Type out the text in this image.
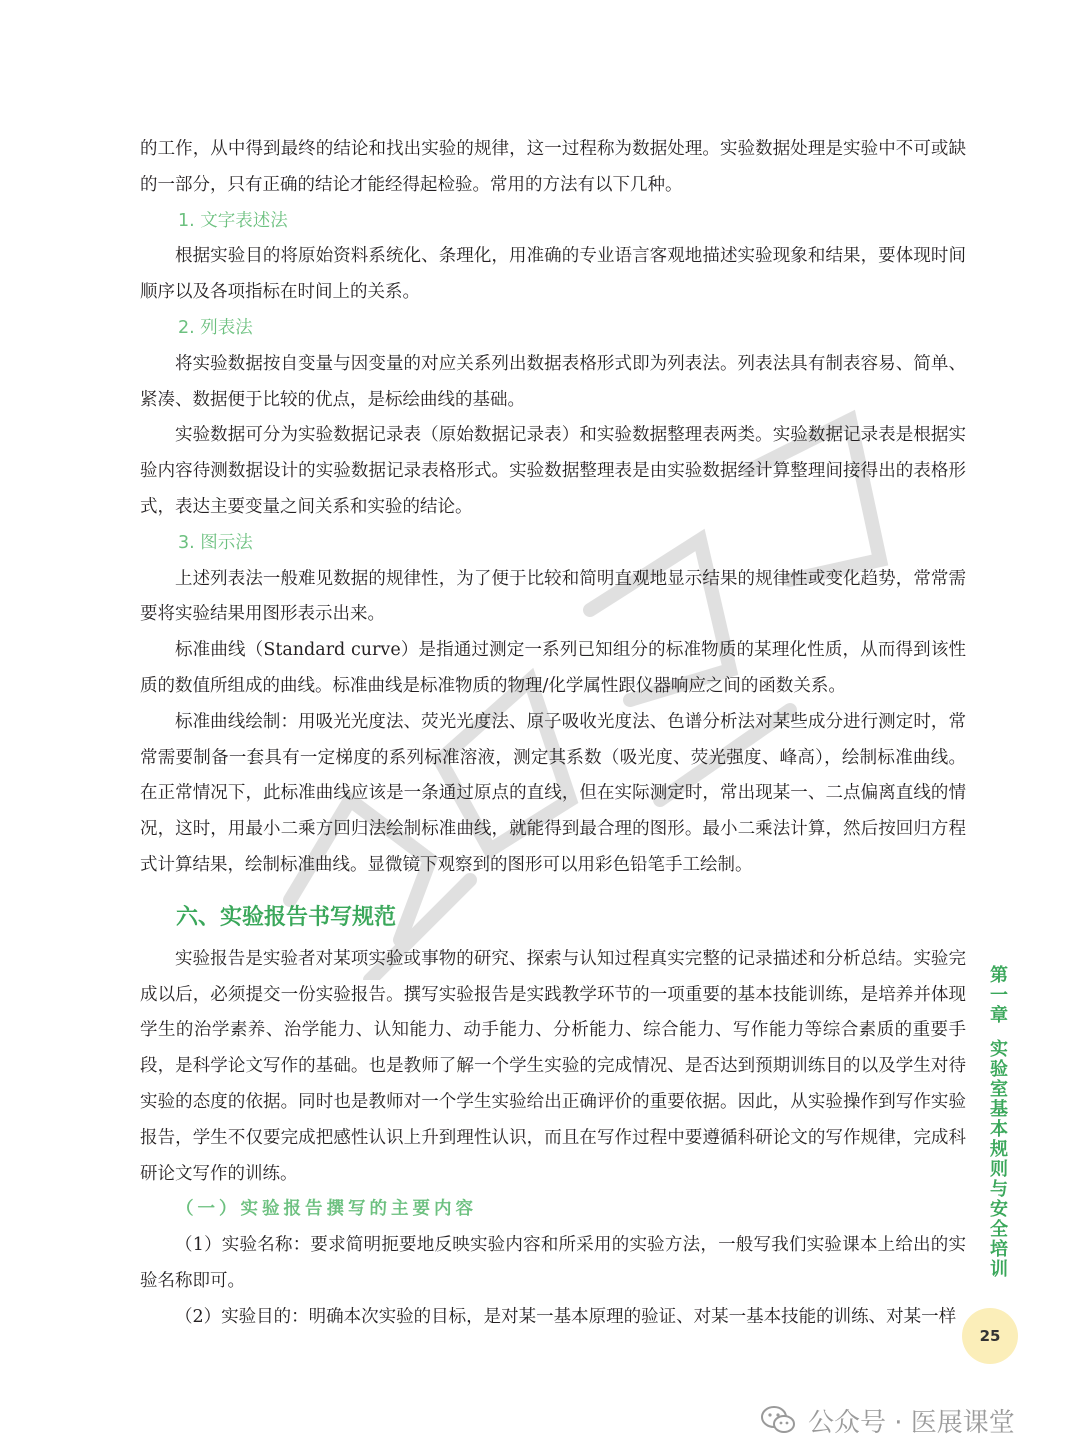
的工作，从中得到最终的结论和找出实验的规律，这一过程称为数据处理。实验数据处理是实验中不可或缺的一部分，只有正确的结论才能经得起检验。常用的方法有以下几种。

1. 文字表述法

根据实验目的将原始资料系统化、条理化，用准确的专业语言客观地描述实验现象和结果，要体现时间顺序以及各项指标在时间上的关系。

2. 列表法

将实验数据按自变量与因变量的对应关系列出数据表格形式即为列表法。列表法具有制表容易、简单、紧凑、数据便于比较的优点，是标绘曲线的基础。

实验数据可分为实验数据记录表（原始数据记录表）和实验数据整理表两类。实验数据记录表是根据实验内容待测数据设计的实验数据记录表格形式。实验数据整理表是由实验数据经计算整理间接得出的表格形式，表达主要变量之间关系和实验的结论。

3. 图示法

上述列表法一般难见数据的规律性，为了便于比较和简明直观地显示结果的规律性或变化趋势，常常需要将实验结果用图形表示出来。

标准曲线（Standard curve）是指通过测定一系列已知组分的标准物质的某理化性质，从而得到该性质的数值所组成的曲线。标准曲线是标准物质的物理/化学属性跟仪器响应之间的函数关系。

标准曲线绘制：用吸光光度法、荧光光度法、原子吸收光度法、色谱分析法对某些成分进行测定时，常常需要制备一套具有一定梯度的系列标准溶液，测定其系数（吸光度、荧光强度、峰高），绘制标准曲线。在正常情况下，此标准曲线应该是一条通过原点的直线，但在实际测定时，常出现某一、二点偏离直线的情况，这时，用最小二乘方回归法绘制标准曲线，就能得到最合理的图形。最小二乘法计算，然后按回归方程式计算结果，绘制标准曲线。显微镜下观察到的图形可以用彩色铅笔手工绘制。

六、实验报告书写规范

实验报告是实验者对某项实验或事物的研究、探索与认知过程真实完整的记录描述和分析总结。实验完成以后，必须提交一份实验报告。撰写实验报告是实践教学环节的一项重要的基本技能训练，是培养并体现学生的治学素养、治学能力、认知能力、动手能力、分析能力、综合能力、写作能力等综合素质的重要手段，是科学论文写作的基础。也是教师了解一个学生实验的完成情况、是否达到预期训练目的以及学生对待实验的态度的依据。同时也是教师对一个学生实验给出正确评价的重要依据。因此，从实验操作到写作实验报告，学生不仅要完成把感性认识上升到理性认识，而且在写作过程中要遵循科研论文的写作规律，完成科研论文写作的训练。

（一）实验报告撰写的主要内容

（1）实验名称：要求简明扼要地反映实验内容和所采用的实验方法，一般写我们实验课本上给出的实验名称即可。

（2）实验目的：明确本次实验的目标，是对某一基本原理的验证、对某一基本技能的训练、对某一样

第一章实验室基本规则与安全培训
25
公众号 · 医展课堂
